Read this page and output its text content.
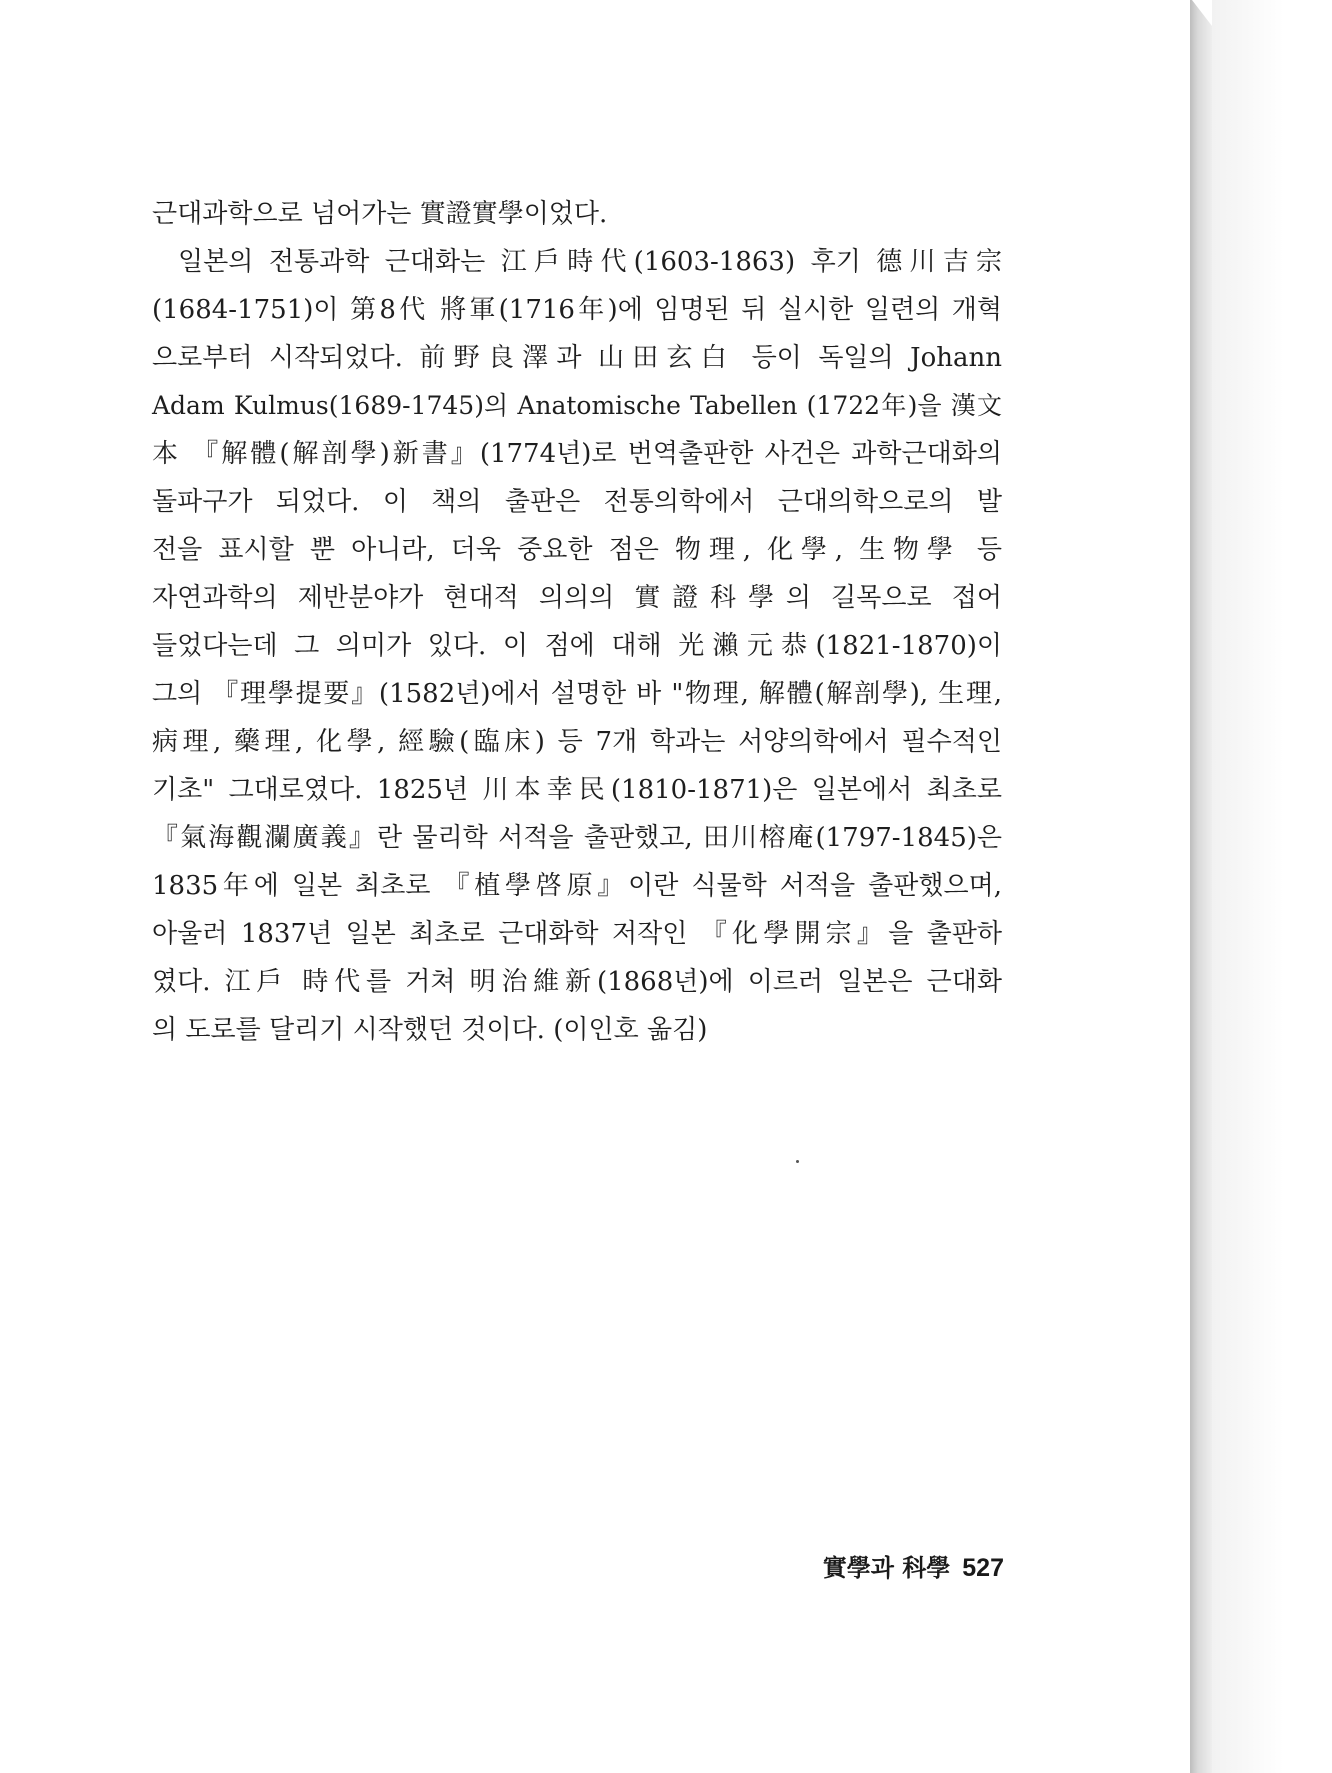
근대과학으로 넘어가는 實證實學이었다.
일본의 전통과학 근대화는 江戶時代(1603-1863) 후기 德川吉宗
(1684-1751)이 第8代 將軍(1716年)에 임명된 뒤 실시한 일련의 개혁
으로부터 시작되었다. 前野良澤과 山田玄白 등이 독일의 Johann
Adam Kulmus(1689-1745)의 Anatomische Tabellen (1722年)을 漢文
本 『解體(解剖學)新書』(1774년)로 번역출판한 사건은 과학근대화의
돌파구가 되었다. 이 책의 출판은 전통의학에서 근대의학으로의 발
전을 표시할 뿐 아니라, 더욱 중요한 점은 物理, 化學, 生物學 등
자연과학의 제반분야가 현대적 의의의 實證科學의 길목으로 접어
들었다는데 그 의미가 있다. 이 점에 대해 光瀨元恭(1821-1870)이
그의 『理學提要』(1582년)에서 설명한 바 "物理, 解體(解剖學), 生理,
病理, 藥理, 化學, 經驗(臨床) 등 7개 학과는 서양의학에서 필수적인
기초" 그대로였다. 1825년 川本幸民(1810-1871)은 일본에서 최초로
『氣海觀瀾廣義』란 물리학 서적을 출판했고, 田川榕庵(1797-1845)은
1835年에 일본 최초로 『植學啓原』이란 식물학 서적을 출판했으며,
아울러 1837년 일본 최초로 근대화학 저작인 『化學開宗』을 출판하
였다. 江戶 時代를 거쳐 明治維新(1868년)에 이르러 일본은 근대화
의 도로를 달리기 시작했던 것이다. (이인호 옮김)
實學과 科學 527
